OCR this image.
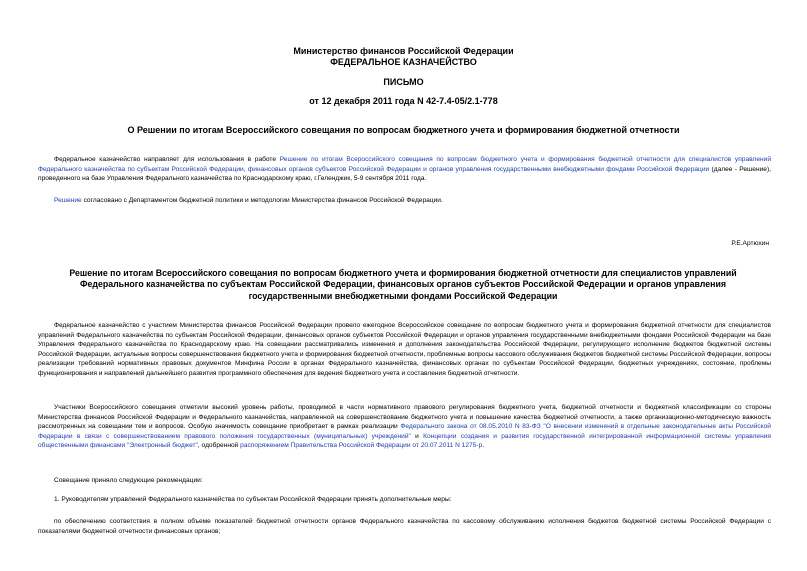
Министерство финансов Российской Федерации
ФЕДЕРАЛЬНОЕ КАЗНАЧЕЙСТВО
ПИСЬМО
от 12 декабря 2011 года N 42-7.4-05/2.1-778
О Решении по итогам Всероссийского совещания по вопросам бюджетного учета и формирования бюджетной отчетности

Федеральное казначейство направляет для использования в работе Решение по итогам Всероссийского совещания по вопросам бюджетного учета и формирования бюджетной отчетности для специалистов управлений Федерального казначейства по субъектам Российской Федерации, финансовых органов субъектов Российской Федерации и органов управления государственными внебюджетными фондами Российской Федерации (далее - Решение), проведенного на базе Управления Федерального казначейства по Краснодарскому краю, г.Геленджик, 5-9 сентября 2011 года.

Решение согласовано с Департаментом бюджетной политики и методологии Министерства финансов Российской Федерации.

Р.Е.Артюхин
Решение по итогам Всероссийского совещания по вопросам бюджетного учета и формирования бюджетной отчетности для специалистов управлений Федерального казначейства по субъектам Российской Федерации, финансовых органов субъектов Российской Федерации и органов управления государственными внебюджетными фондами Российской Федерации

Федеральное казначейство с участием Министерства финансов Российской Федерации провело ежегодное Всероссийское совещание по вопросам бюджетного учета и формирования бюджетной отчетности для специалистов управлений Федерального казначейства по субъектам Российской Федерации, финансовых органов субъектов Российской Федерации и органов управления государственными внебюджетными фондами Российской Федерации на базе Управления Федерального казначейства по Краснодарскому краю. На совещании рассматривались изменения и дополнения законодательства Российской Федерации, регулирующего исполнение бюджетов бюджетной системы Российской Федерации, актуальные вопросы совершенствования бюджетного учета и формирования бюджетной отчетности, проблемные вопросы кассового обслуживания бюджетов бюджетной системы Российской Федерации, вопросы реализации требований нормативных правовых документов Минфина России в органах Федерального казначейства, финансовых органах по субъектам Российской Федерации, бюджетных учреждениях, состояние, проблемы функционирования и направлений дальнейшего развития программного обеспечения для ведения бюджетного учета и составления бюджетной отчетности.

Участники Всероссийского совещания отметили высокий уровень работы, проводимой в части нормативного правового регулирования бюджетного учета, бюджетной отчетности и бюджетной классификации со стороны Министерства финансов Российской Федерации и Федерального казначейства, направленной на совершенствование бюджетного учета и повышение качества бюджетной отчетности, а также организационно-методическую важность рассмотренных на совещании тем и вопросов. Особую значимость совещание приобретает в рамках реализации Федерального закона от 08.05.2010 N 83-ФЗ "О внесении изменений в отдельные законодательные акты Российской Федерации в связи с совершенствованием правового положения государственных (муниципальных) учреждений" и Концепции создания и развития государственной интегрированной информационной системы управления общественными финансами "Электронный бюджет", одобренной распоряжением Правительства Российской Федерации от 20.07.2011 N 1275-р.

Совещание приняло следующие рекомендации:

1. Руководителям управлений Федерального казначейства по субъектам Российской Федерации принять дополнительные меры:

по обеспечению соответствия в полном объеме показателей бюджетной отчетности органов Федерального казначейства по кассовому обслуживанию исполнения бюджетов бюджетной системы Российской Федерации с показателями бюджетной отчетности финансовых органов;
